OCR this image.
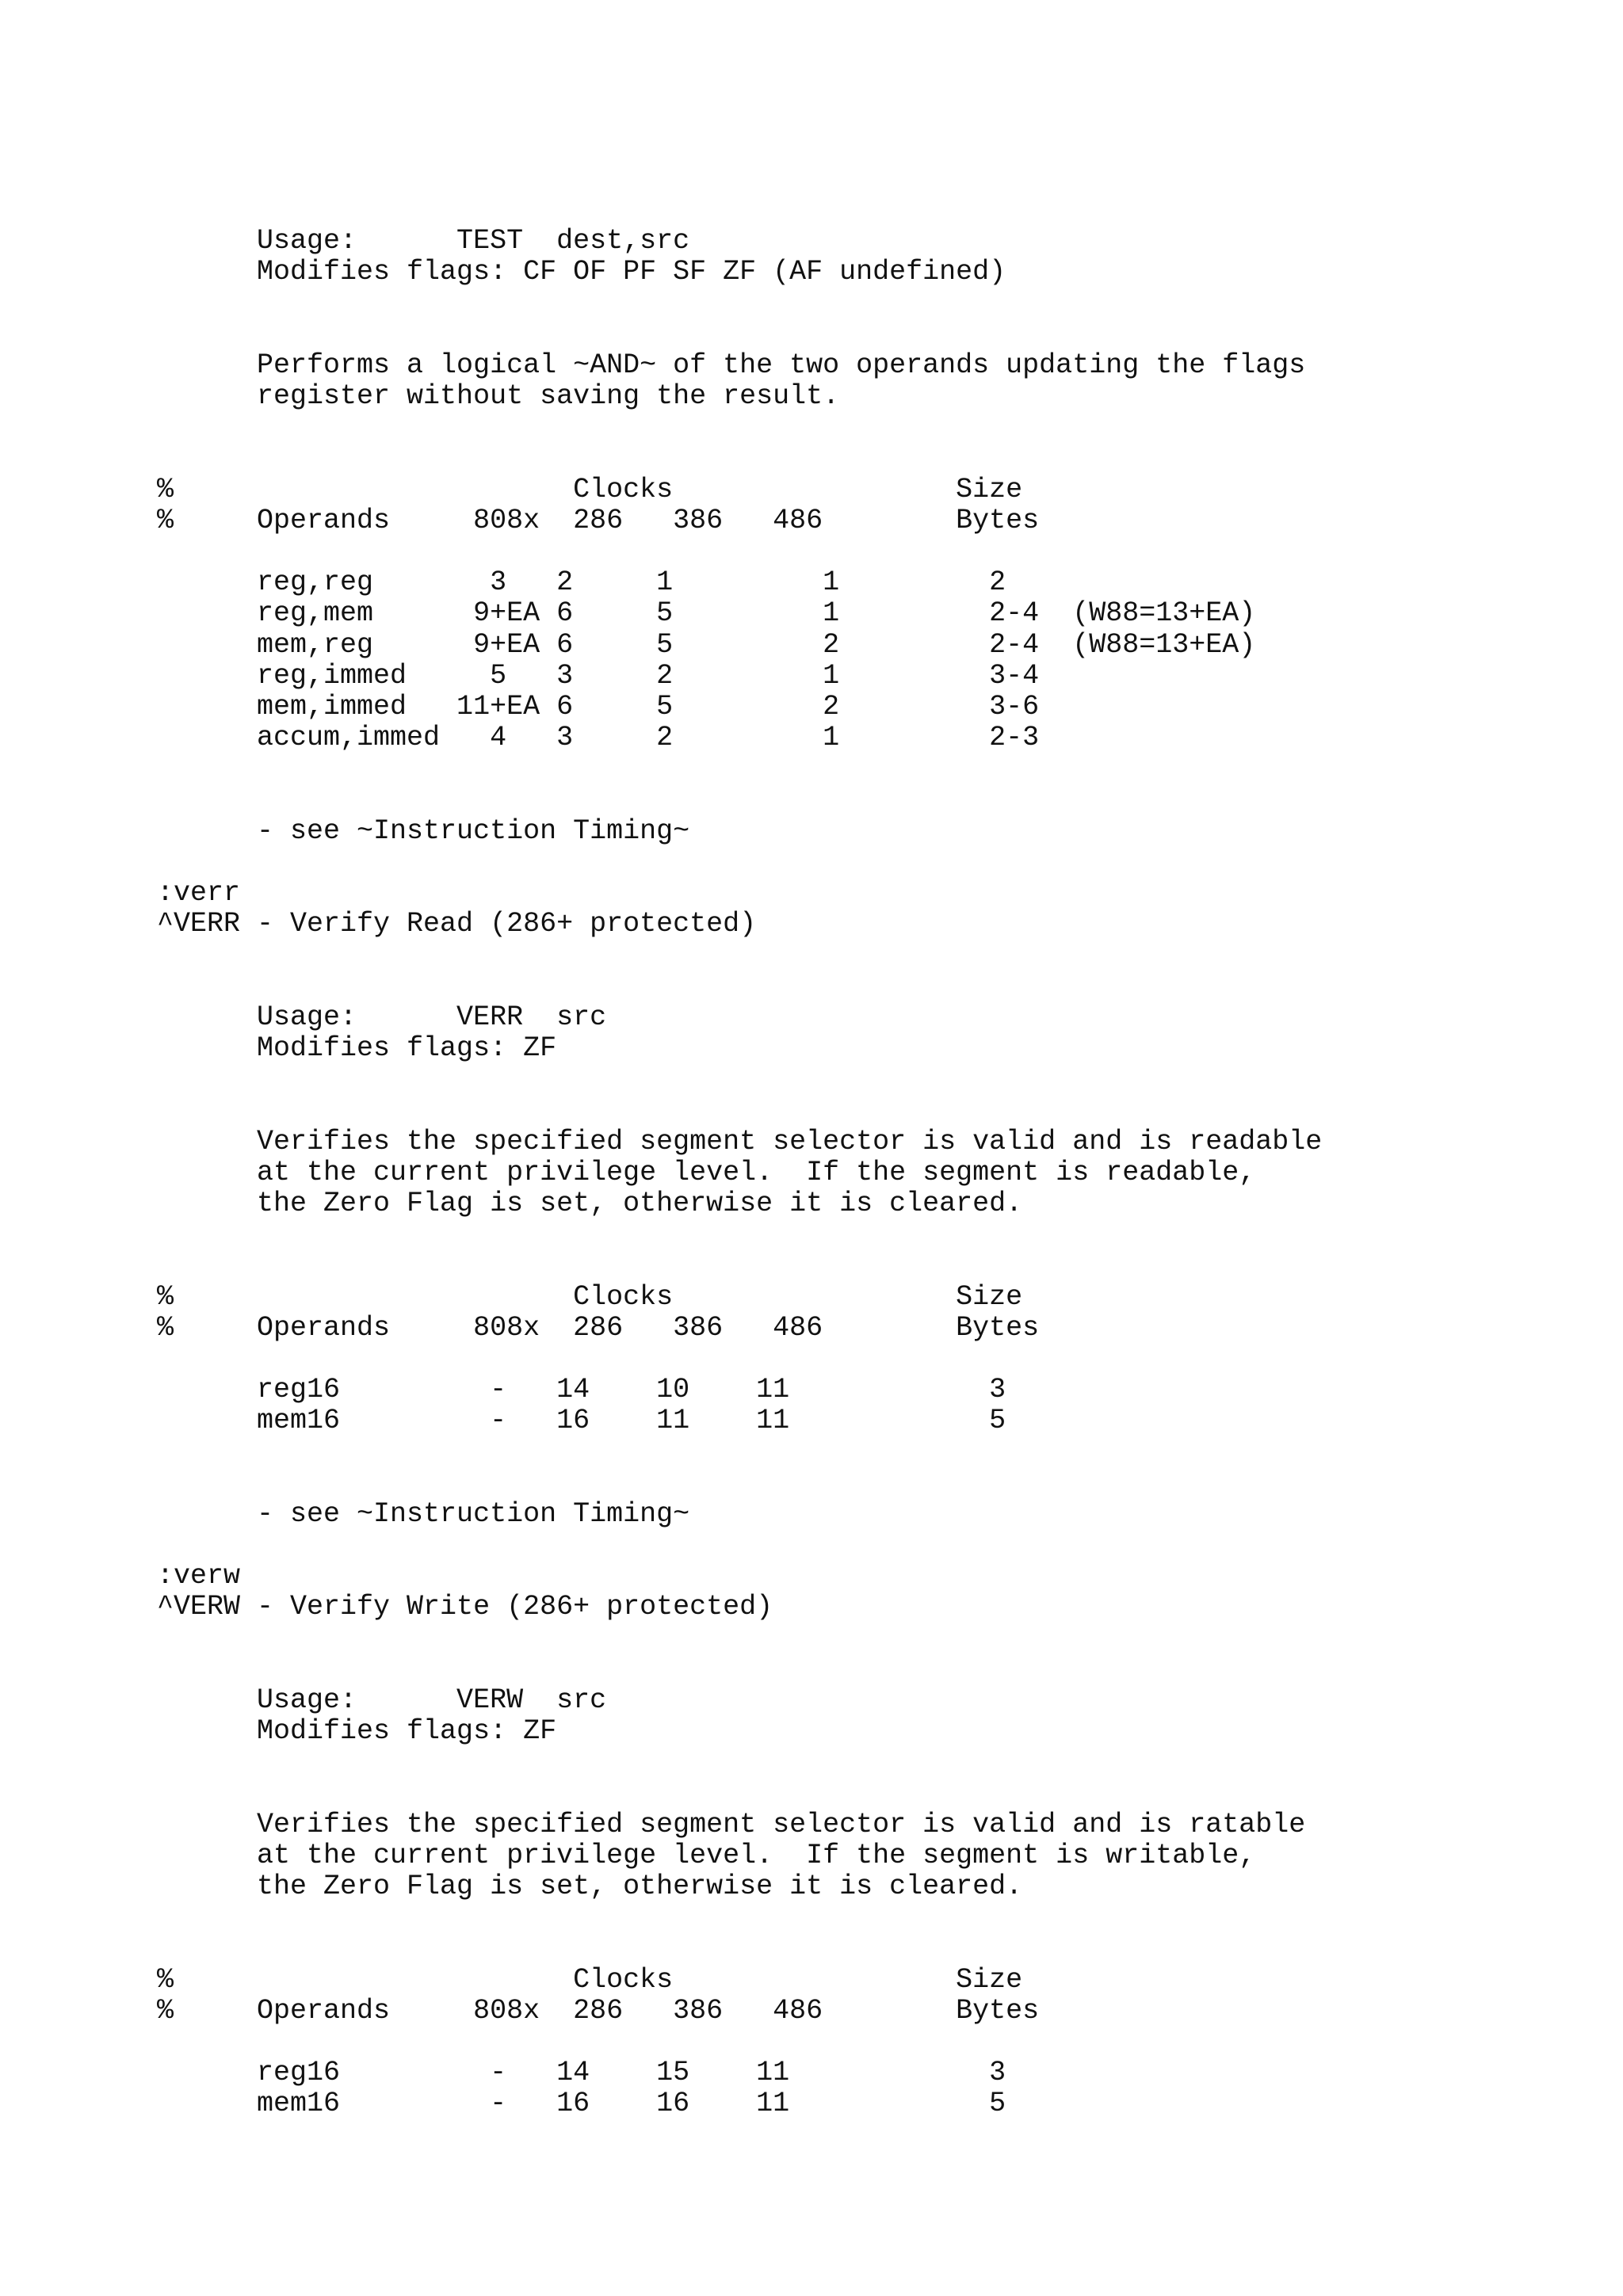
Usage:      TEST  dest,src
Modifies flags: CF OF PF SF ZF (AF undefined)
Performs a logical ~AND~ of the two operands updating the flags
register without saving the result.
%                        Clocks                 Size
%     Operands     808x  286   386   486        Bytes
reg,reg       3   2     1         1         2
reg,mem      9+EA 6     5         1         2-4  (W88=13+EA)
mem,reg      9+EA 6     5         2         2-4  (W88=13+EA)
reg,immed     5   3     2         1         3-4
mem,immed   11+EA 6     5         2         3-6
accum,immed   4   3     2         1         2-3
- see ~Instruction Timing~
:verr
^VERR - Verify Read (286+ protected)
Usage:      VERR  src
Modifies flags: ZF
Verifies the specified segment selector is valid and is readable
at the current privilege level.  If the segment is readable,
the Zero Flag is set, otherwise it is cleared.
%                        Clocks                 Size
%     Operands     808x  286   386   486        Bytes
reg16         -   14    10    11            3
mem16         -   16    11    11            5
- see ~Instruction Timing~
:verw
^VERW - Verify Write (286+ protected)
Usage:      VERW  src
Modifies flags: ZF
Verifies the specified segment selector is valid and is ratable
at the current privilege level.  If the segment is writable,
the Zero Flag is set, otherwise it is cleared.
%                        Clocks                 Size
%     Operands     808x  286   386   486        Bytes
reg16         -   14    15    11            3
mem16         -   16    16    11            5
